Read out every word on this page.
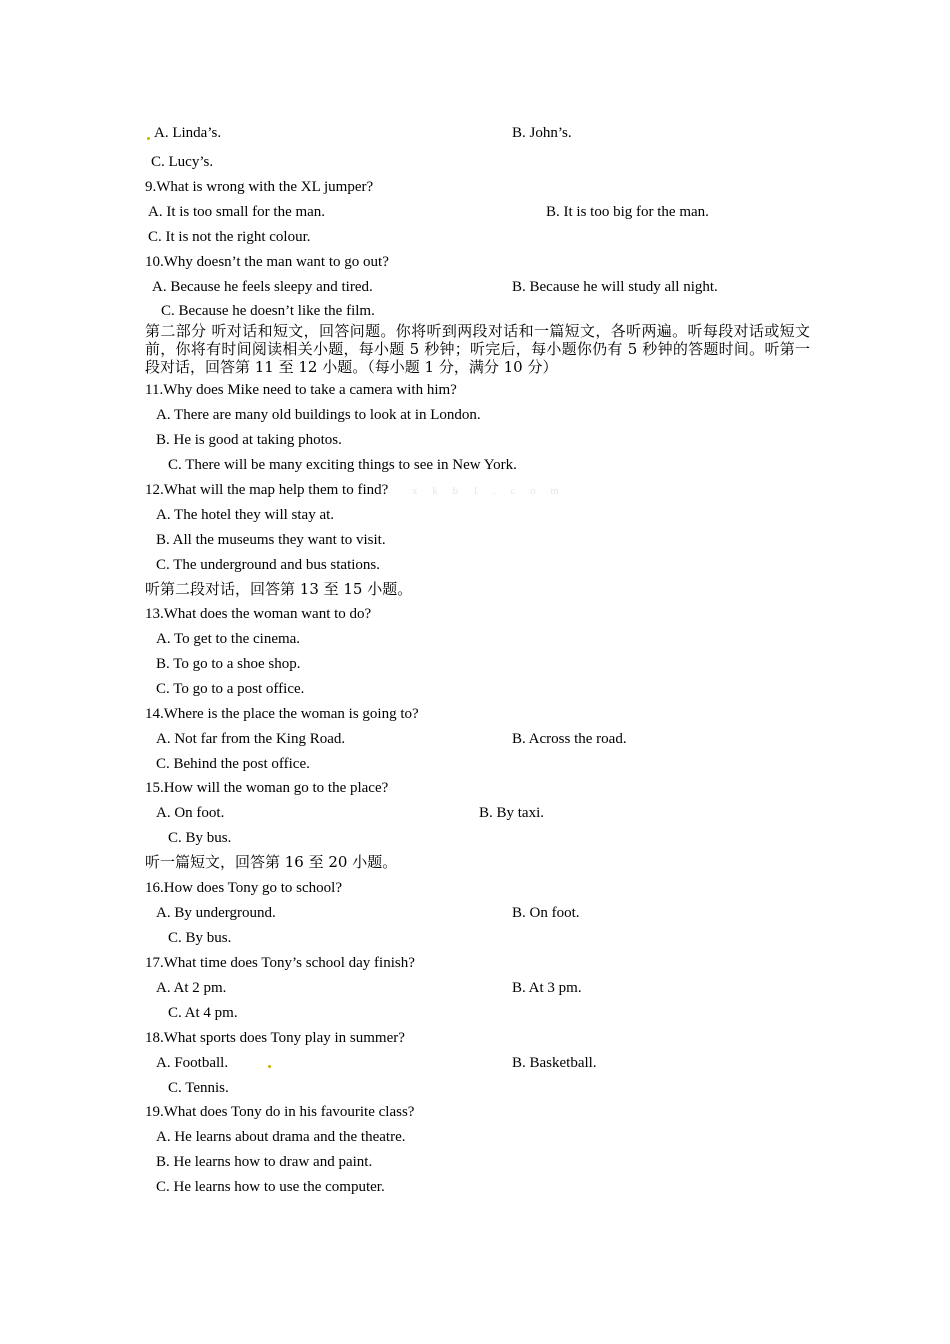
A. Linda’s.	B. John’s.
C. Lucy’s.
9.What is wrong with the XL jumper?
A. It is too small for the man.	B. It is too big for the man.
C. It is not the right colour.
10.Why doesn’t the man want to go out?
A. Because he feels sleepy and tired.	B. Because he will study all night.
C. Because he doesn’t like the film.
第二部分 听对话和短文，回答问题。你将听到两段对话和一篇短文，各听两遍。听每段对话或短文前，你将有时间阅读相关小题，每小题 5 秒钟；听完后，每小题你仍有 5 秒钟的答题时间。听第一段对话，回答第 11 至 12 小题。（每小题 1 分，满分 10 分）
11.Why does Mike need to take a camera with him?
A. There are many old buildings to look at in London.
B. He is good at taking photos.
C. There will be many exciting things to see in New York.
12.What will the map help them to find? x k b 1 . c o m
A. The hotel they will stay at.
B. All the museums they want to visit.
C. The underground and bus stations.
听第二段对话，回答第 13 至 15 小题。
13.What does the woman want to do?
A. To get to the cinema.
B. To go to a shoe shop.
C. To go to a post office.
14.Where is the place the woman is going to?
A. Not far from the King Road.	B. Across the road.
C. Behind the post office.
15.How will the woman go to the place?
A. On foot.	B. By taxi.
C. By bus.
听一篇短文，回答第 16 至 20 小题。
16.How does Tony go to school?
A. By underground.	B. On foot.
C. By bus.
17.What time does Tony’s school day finish?
A. At 2 pm.	B. At 3 pm.
C. At 4 pm.
18.What sports does Tony play in summer?
A. Football.	B. Basketball.
C. Tennis.
19.What does Tony do in his favourite class?
A. He learns about drama and the theatre.
B. He learns how to draw and paint.
C. He learns how to use the computer.
